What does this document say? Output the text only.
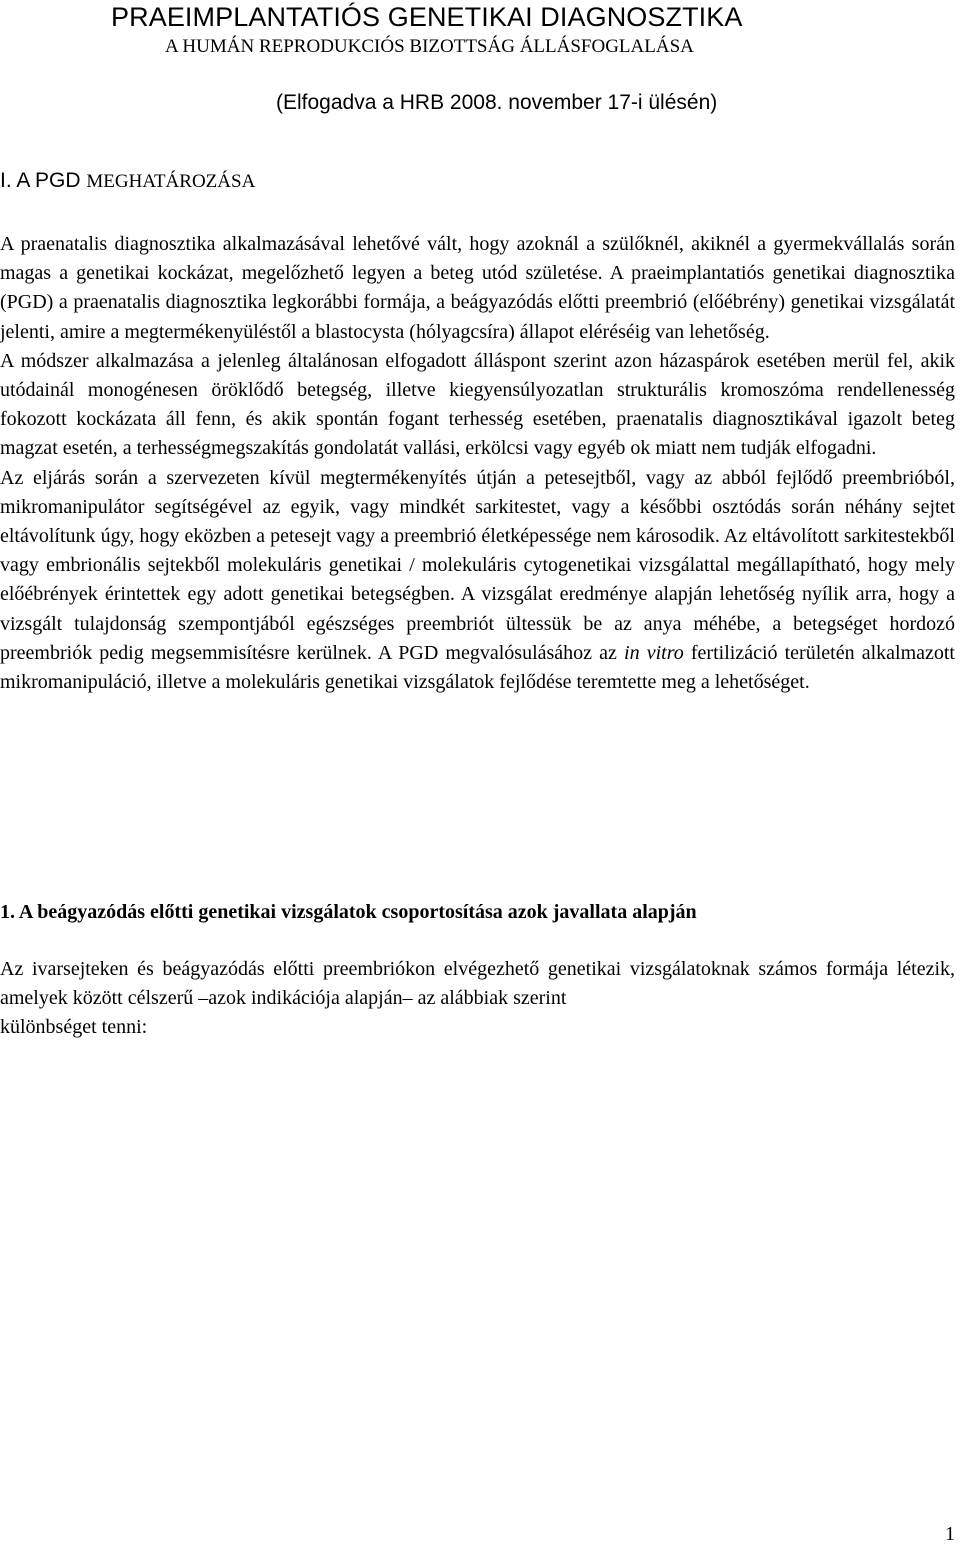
PRAEIMPLANTATIÓS GENETIKAI DIAGNOSZTIKA
A HUMÁN REPRODUKCIÓS BIZOTTSÁG ÁLLÁSFOGLALÁSA
(Elfogadva a HRB 2008. november 17-i ülésén)
I. A PGD MEGHATÁROZÁSA

A praenatalis diagnosztika alkalmazásával lehetővé vált, hogy azoknál a szülőknél, akiknél a gyermekvállalás során magas a genetikai kockázat, megelőzhető legyen a beteg utód születése. A praeimplantatiós genetikai diagnosztika (PGD) a praenatalis diagnosztika legkorábbi formája, a beágyazódás előtti preembrió (előébrény) genetikai vizsgálatát jelenti, amire a megtermékenyüléstől a blastocysta (hólyagcsíra) állapot eléréséig van lehetőség.

A módszer alkalmazása a jelenleg általánosan elfogadott álláspont szerint azon házaspárok esetében merül fel, akik utódainál monogénesen öröklődő betegség, illetve kiegyensúlyozatlan strukturális kromoszóma rendellenesség fokozott kockázata áll fenn, és akik spontán fogant terhesség esetében, praenatalis diagnosztikával igazolt beteg magzat esetén, a terhességmegszakítás gondolatát vallási, erkölcsi vagy egyéb ok miatt nem tudják elfogadni.

Az eljárás során a szervezeten kívül megtermékenyítés útján a petesejtből, vagy az abból fejlődő preembrióból, mikromanipulátor segítségével az egyik, vagy mindkét sarkitestet, vagy a későbbi osztódás során néhány sejtet eltávolítunk úgy, hogy eközben a petesejt vagy a preembrió életképessége nem károsodik. Az eltávolított sarkitestekből vagy embrionális sejtekből molekuláris genetikai / molekuláris cytogenetikai vizsgálattal megállapítható, hogy mely előébrények érintettek egy adott genetikai betegségben. A vizsgálat eredménye alapján lehetőség nyílik arra, hogy a vizsgált tulajdonság szempontjából egészséges preembriót ültessük be az anya méhébe, a betegséget hordozó preembriók pedig megsemmisítésre kerülnek. A PGD megvalósulásához az in vitro fertilizáció területén alkalmazott mikromanipuláció, illetve a molekuláris genetikai vizsgálatok fejlődése teremtette meg a lehetőséget.

1. A beágyazódás előtti genetikai vizsgálatok csoportosítása azok javallata alapján

Az ivarsejteken és beágyazódás előtti preembriókon elvégezhető genetikai vizsgálatoknak számos formája létezik, amelyek között célszerű –azok indikációja alapján– az alábbiak szerint

különbséget tenni:

1
